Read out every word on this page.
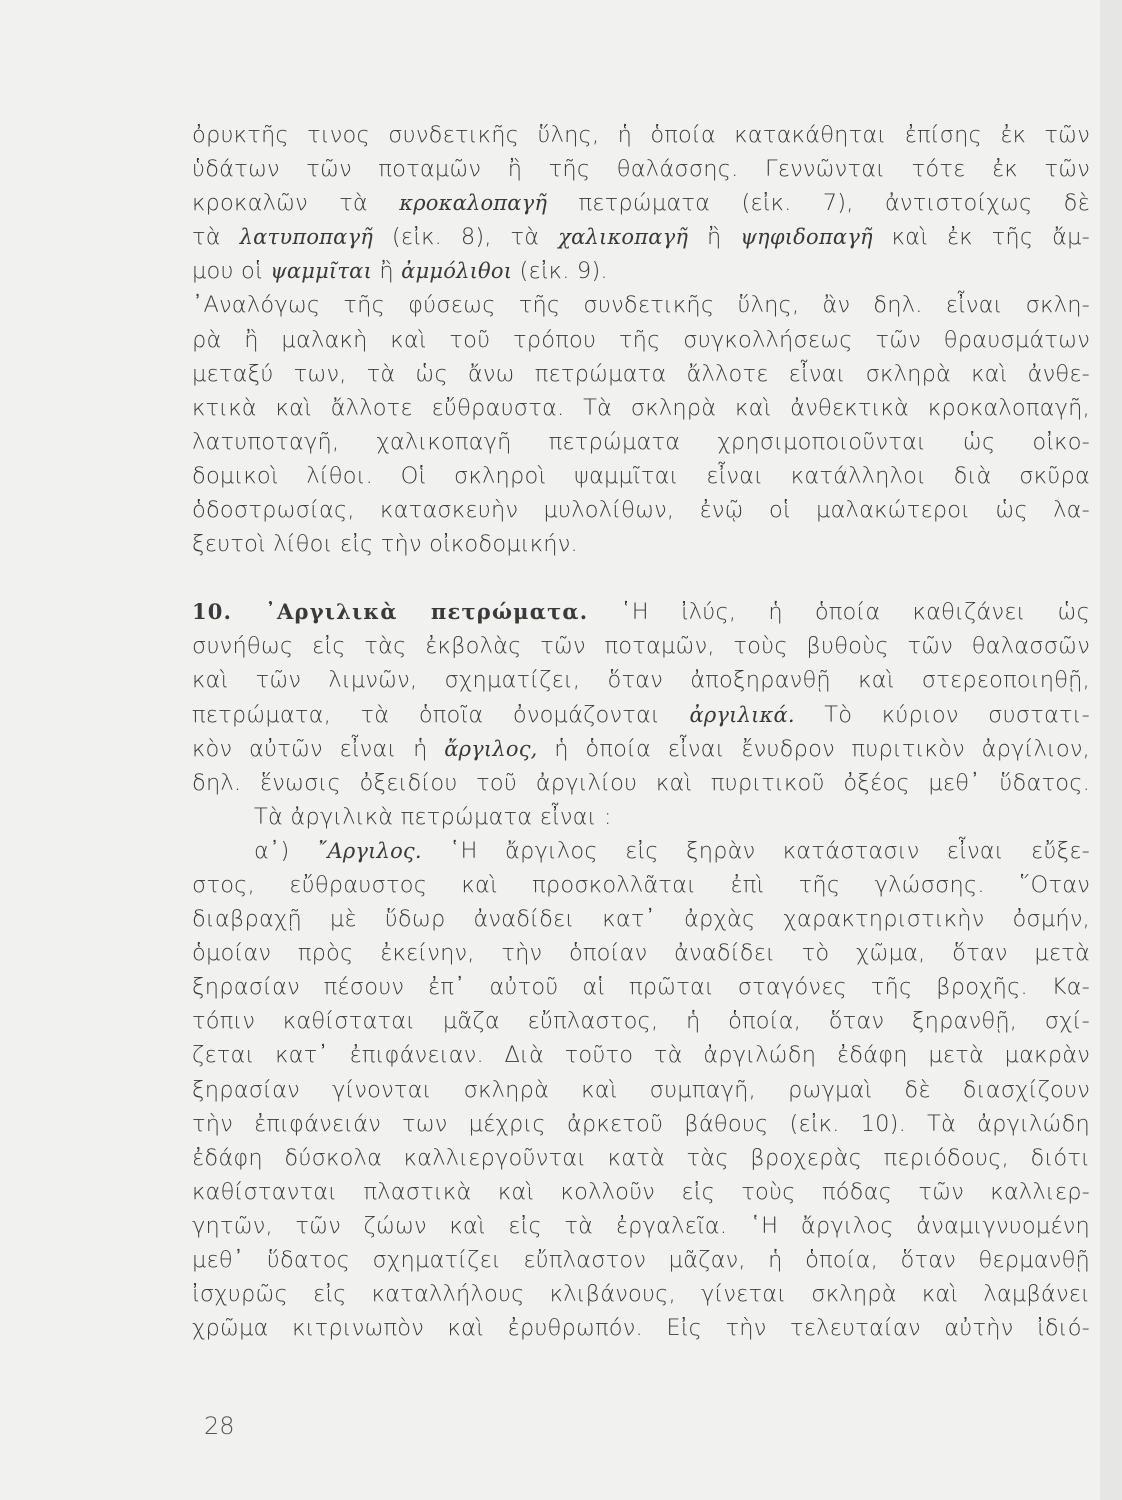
ὀρυκτῆς τινος συνδετικῆς ὕλης, ἡ ὁποία κατακάθηται ἐπίσης ἐκ τῶν
ὑδάτων τῶν ποταμῶν ἢ τῆς θαλάσσης. Γεννῶνται τότε ἐκ τῶν
κροκαλῶν τὰ κροκαλοπαγῆ πετρώματα (εἰκ. 7), ἀντιστοίχως δὲ
τὰ λατυποπαγῆ (εἰκ. 8), τὰ χαλικοπαγῆ ἢ ψηφιδοπαγῆ καὶ ἐκ τῆς ἄμ-
μου οἱ ψαμμῖται ἢ ἀμμόλιθοι (εἰκ. 9).
᾿Αναλόγως τῆς φύσεως τῆς συνδετικῆς ὕλης, ἂν δηλ. εἶναι σκλη-
ρὰ ἢ μαλακὴ καὶ τοῦ τρόπου τῆς συγκολλήσεως τῶν θραυσμάτων
μεταξύ των, τὰ ὡς ἄνω πετρώματα ἄλλοτε εἶναι σκληρὰ καὶ ἀνθε-
κτικὰ καὶ ἄλλοτε εὔθραυστα. Τὰ σκληρὰ καὶ ἀνθεκτικὰ κροκαλοπαγῆ,
λατυποταγῆ, χαλικοπαγῆ πετρώματα χρησιμοποιοῦνται ὡς οἰκο-
δομικοὶ λίθοι. Οἱ σκληροὶ ψαμμῖται εἶναι κατάλληλοι διὰ σκῦρα
ὁδοστρωσίας, κατασκευὴν μυλολίθων, ἐνῷ οἱ μαλακώτεροι ὡς λα-
ξευτοὶ λίθοι εἰς τὴν οἰκοδομικήν.
10. ᾿Αργιλικὰ πετρώματα. ῾Η ἰλύς, ἡ ὁποία καθιζάνει ὡς
συνήθως εἰς τὰς ἐκβολὰς τῶν ποταμῶν, τοὺς βυθοὺς τῶν θαλασσῶν
καὶ τῶν λιμνῶν, σχηματίζει, ὅταν ἀποξηρανθῇ καὶ στερεοποιηθῇ,
πετρώματα, τὰ ὁποῖα ὀνομάζονται ἀργιλικά. Τὸ κύριον συστατι-
κὸν αὐτῶν εἶναι ἡ ἄργιλος, ἡ ὁποία εἶναι ἔνυδρον πυριτικὸν ἀργίλιον,
δηλ. ἕνωσις ὀξειδίου τοῦ ἀργιλίου καὶ πυριτικοῦ ὀξέος μεθ᾿ ὕδατος.
Τὰ ἀργιλικὰ πετρώματα εἶναι :
α᾿) ῎Αργιλος. ῾Η ἄργιλος εἰς ξηρὰν κατάστασιν εἶναι εὔξε-
στος, εὔθραυστος καὶ προσκολλᾶται ἐπὶ τῆς γλώσσης. ῞Οταν
διαβραχῇ μὲ ὕδωρ ἀναδίδει κατ᾿ ἀρχὰς χαρακτηριστικὴν ὀσμήν,
ὁμοίαν πρὸς ἐκείνην, τὴν ὁποίαν ἀναδίδει τὸ χῶμα, ὅταν μετὰ
ξηρασίαν πέσουν ἐπ᾿ αὐτοῦ αἱ πρῶται σταγόνες τῆς βροχῆς. Κα-
τόπιν καθίσταται μᾶζα εὔπλαστος, ἡ ὁποία, ὅταν ξηρανθῇ, σχί-
ζεται κατ᾿ ἐπιφάνειαν. Διὰ τοῦτο τὰ ἀργιλώδη ἐδάφη μετὰ μακρὰν
ξηρασίαν γίνονται σκληρὰ καὶ συμπαγῆ, ρωγμαὶ δὲ διασχίζουν
τὴν ἐπιφάνειάν των μέχρις ἀρκετοῦ βάθους (εἰκ. 10). Τὰ ἀργιλώδη
ἐδάφη δύσκολα καλλιεργοῦνται κατὰ τὰς βροχερὰς περιόδους, διότι
καθίστανται πλαστικὰ καὶ κολλοῦν εἰς τοὺς πόδας τῶν καλλιερ-
γητῶν, τῶν ζώων καὶ εἰς τὰ ἐργαλεῖα. ῾Η ἄργιλος ἀναμιγνυομένη
μεθ᾿ ὕδατος σχηματίζει εὔπλαστον μᾶζαν, ἡ ὁποία, ὅταν θερμανθῇ
ἰσχυρῶς εἰς καταλλήλους κλιβάνους, γίνεται σκληρὰ καὶ λαμβάνει
χρῶμα κιτρινωπὸν καὶ ἐρυθρωπόν. Εἰς τὴν τελευταίαν αὐτὴν ἰδιό-
28
